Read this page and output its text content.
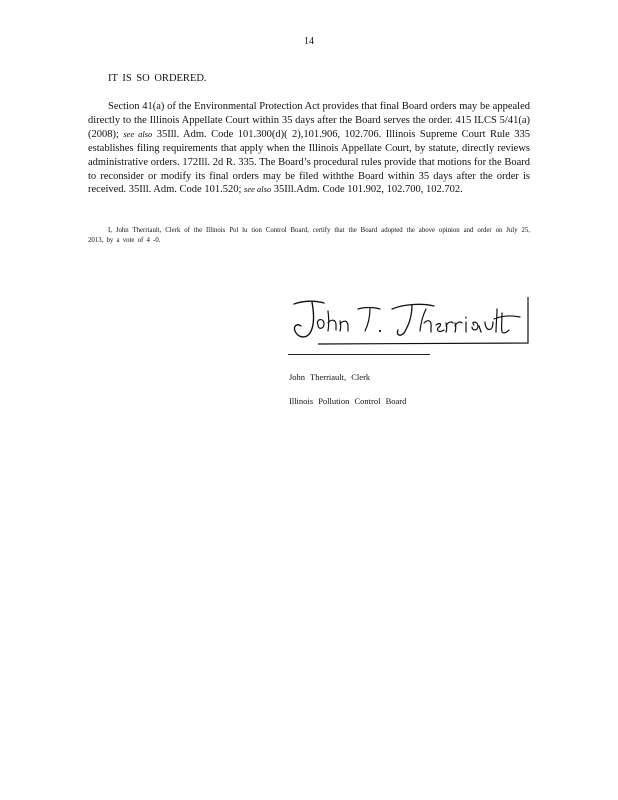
14
IT IS SO ORDERED.

Section 41(a) of the Environmental Protection Act provides that final Board orders may be appealed directly to the Illinois Appellate Court within 35 days after the Board serves the order. 415 ILCS 5/41(a) (2008); see also 35Ill. Adm. Code 101.300(d)( 2),101.906, 102.706. Illinois Supreme Court Rule 335 establishes filing requirements that apply when the Illinois Appellate Court, by statute, directly reviews administrative orders. 172Ill. 2d R. 335. The Board’s procedural rules provide that motions for the Board to reconsider or modify its final orders may be filed withthe Board within 35 days after the order is received. 35Ill. Adm. Code 101.520; see also 35Ill.Adm. Code 101.902, 102.700, 102.702.

I, John Therriault, Clerk of the Illinois Pol lu tion Control Board, certify that the Board adopted the above opinion and order on July 25, 2013, by a vote of 4 -0.

John Therriault, Clerk
Illinois Pollution Control Board
